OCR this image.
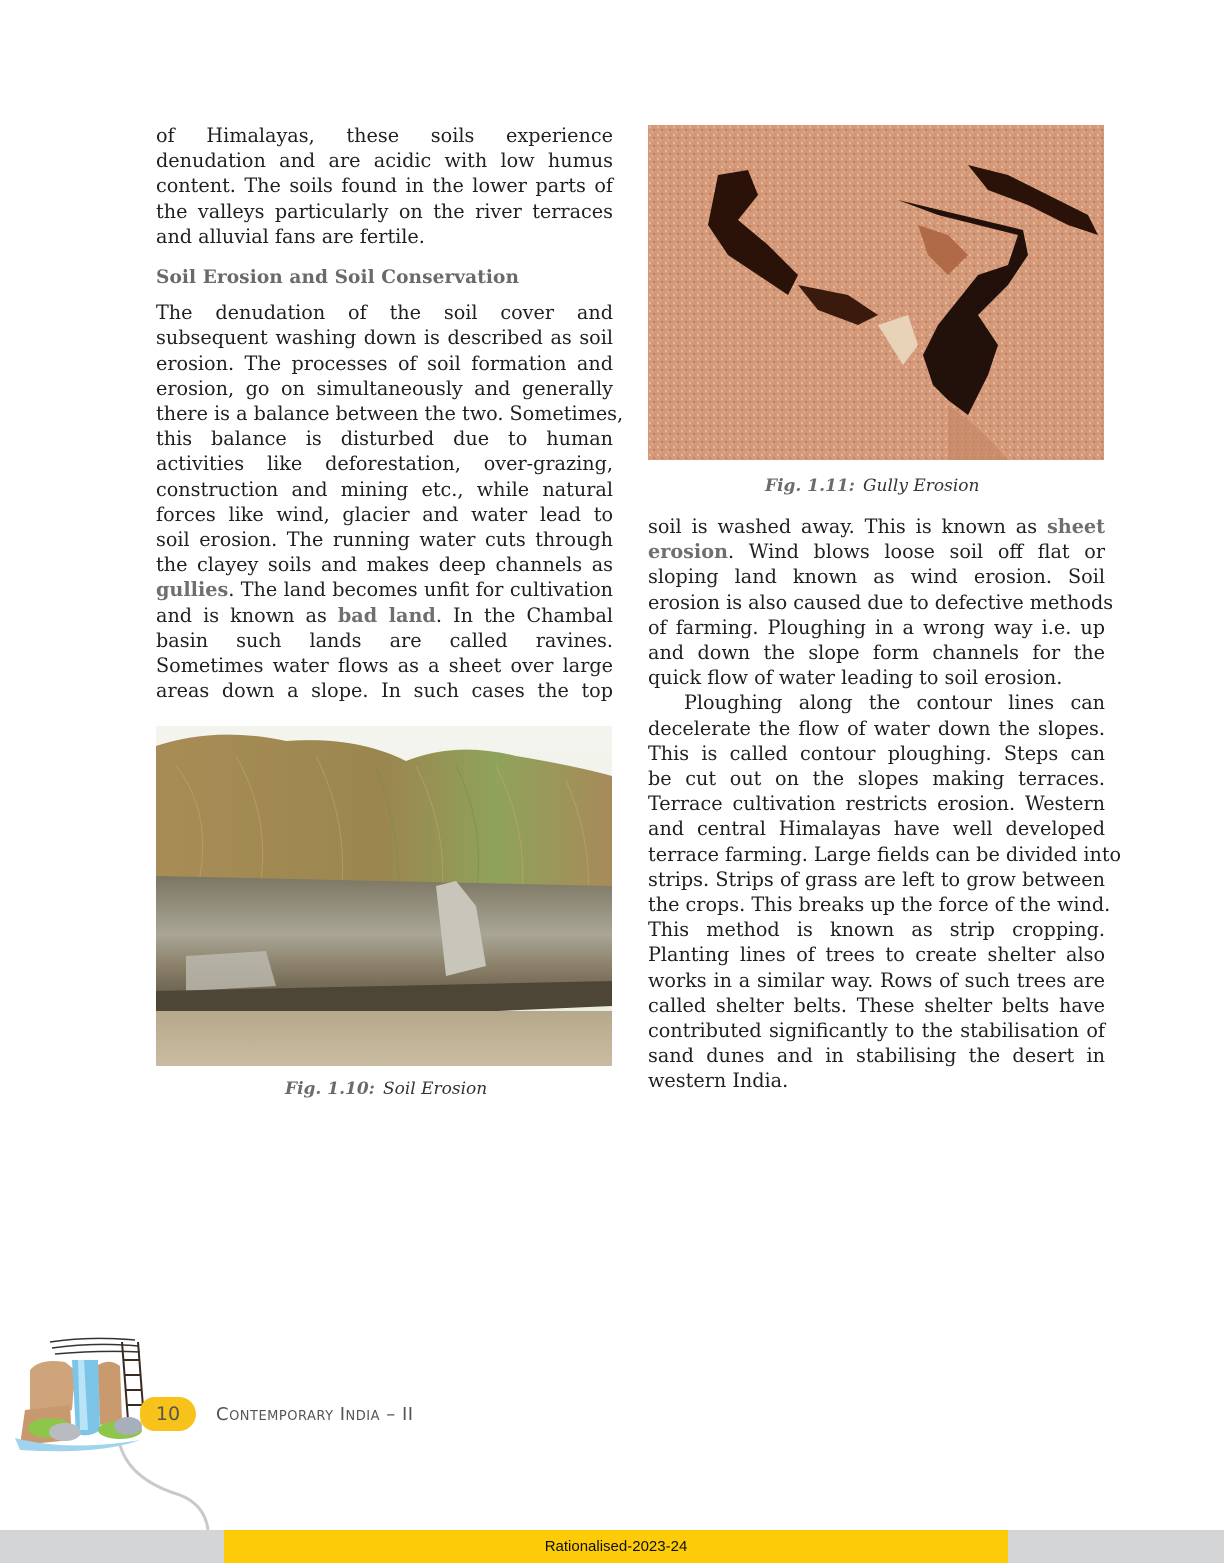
Fig. 1.11: Gully Erosion

of Himalayas, these soils experience
denudation and are acidic with low humus
content. The soils found in the lower parts of
the valleys particularly on the river terraces
and alluvial fans are fertile.

Soil Erosion and Soil Conservation

The denudation of the soil cover and
subsequent washing down is described as soil
erosion. The processes of soil formation and
erosion, go on simultaneously and generally
there is a balance between the two. Sometimes,
this balance is disturbed due to human
activities like deforestation, over-grazing,
construction and mining etc., while natural
forces like wind, glacier and water lead to
soil erosion. The running water cuts through
the clayey soils and makes deep channels as
gullies. The land becomes unfit for cultivation
and is known as bad land. In the Chambal
basin such lands are called ravines.
Sometimes water flows as a sheet over large
areas down a slope. In such cases the top

Fig. 1.10: Soil Erosion

soil is washed away. This is known as sheet
erosion. Wind blows loose soil off flat or
sloping land known as wind erosion. Soil
erosion is also caused due to defective methods
of farming. Ploughing in a wrong way i.e. up
and down the slope form channels for the
quick flow of water leading to soil erosion.

Ploughing along the contour lines can
decelerate the flow of water down the slopes.
This is called contour ploughing. Steps can
be cut out on the slopes making terraces.
Terrace cultivation restricts erosion. Western
and central Himalayas have well developed
terrace farming. Large fields can be divided into
strips. Strips of grass are left to grow between
the crops. This breaks up the force of the wind.
This method is known as strip cropping.
Planting lines of trees to create shelter also
works in a similar way. Rows of such trees are
called shelter belts. These shelter belts have
contributed significantly to the stabilisation of
sand dunes and in stabilising the desert in
western India.

10	Contemporary India – II
Rationalised-2023-24
